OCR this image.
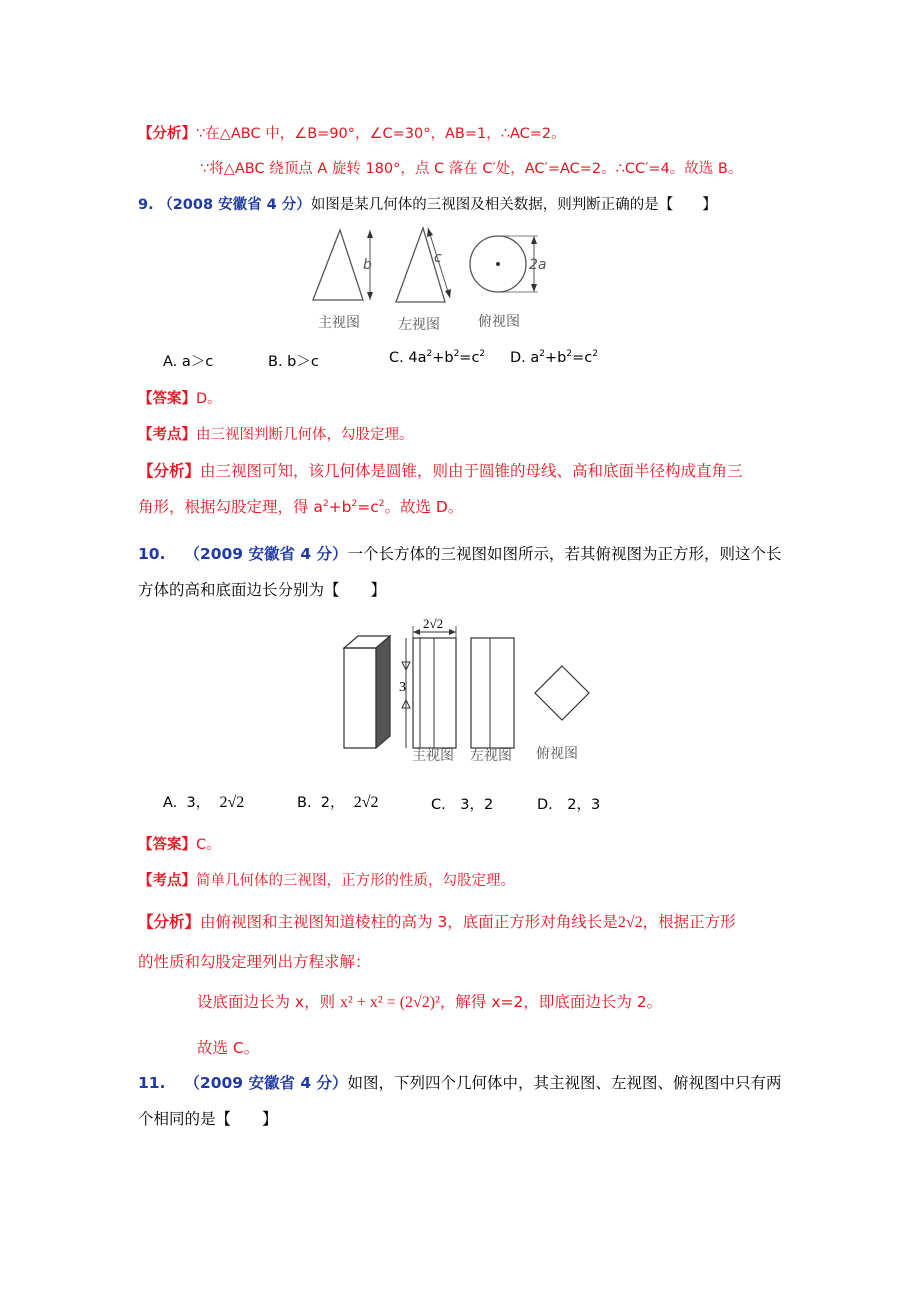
【分析】∵在△ABC 中，∠B=90°，∠C=30°，AB=1，∴AC=2。
∵将△ABC 绕顶点 A 旋转 180°，点 C 落在 C′处，AC′=AC=2。∴CC′=4。故选 B。
9. （2008 安徽省 4 分）如图是某几何体的三视图及相关数据，则判断正确的是【　　】
b	c	2a
主视图	左视图	俯视图
A. a＞c	B. b＞c	C. $4a^2+b^2=c^2$ D. $a^2+b^2=c^2$
【答案】D。
【考点】由三视图判断几何体，勾股定理。
【分析】由三视图可知，该几何体是圆锥，则由于圆锥的母线、高和底面半径构成直角三
角形，根据勾股定理，得 $a^2+b^2=c^2$。故选 D。
10. （2009 安徽省 4 分）一个长方体的三视图如图所示，若其俯视图为正方形，则这个长
方体的高和底面边长分别为【　　】
2√2
3
主视图 左视图 俯视图
A. 3， 2√2	B. 2， 2√2	C.　3，2	D.　2，3
【答案】C。
【考点】简单几何体的三视图，正方形的性质，勾股定理。
【分析】由俯视图和主视图知道棱柱的高为 3，底面正方形对角线长是2√2，根据正方形
的性质和勾股定理列出方程求解：
设底面边长为 x，则 x² + x² = (2√2)²，解得 x=2，即底面边长为 2。
故选 C。
11. （2009 安徽省 4 分）如图，下列四个几何体中，其主视图、左视图、俯视图中只有两
个相同的是【　　】
